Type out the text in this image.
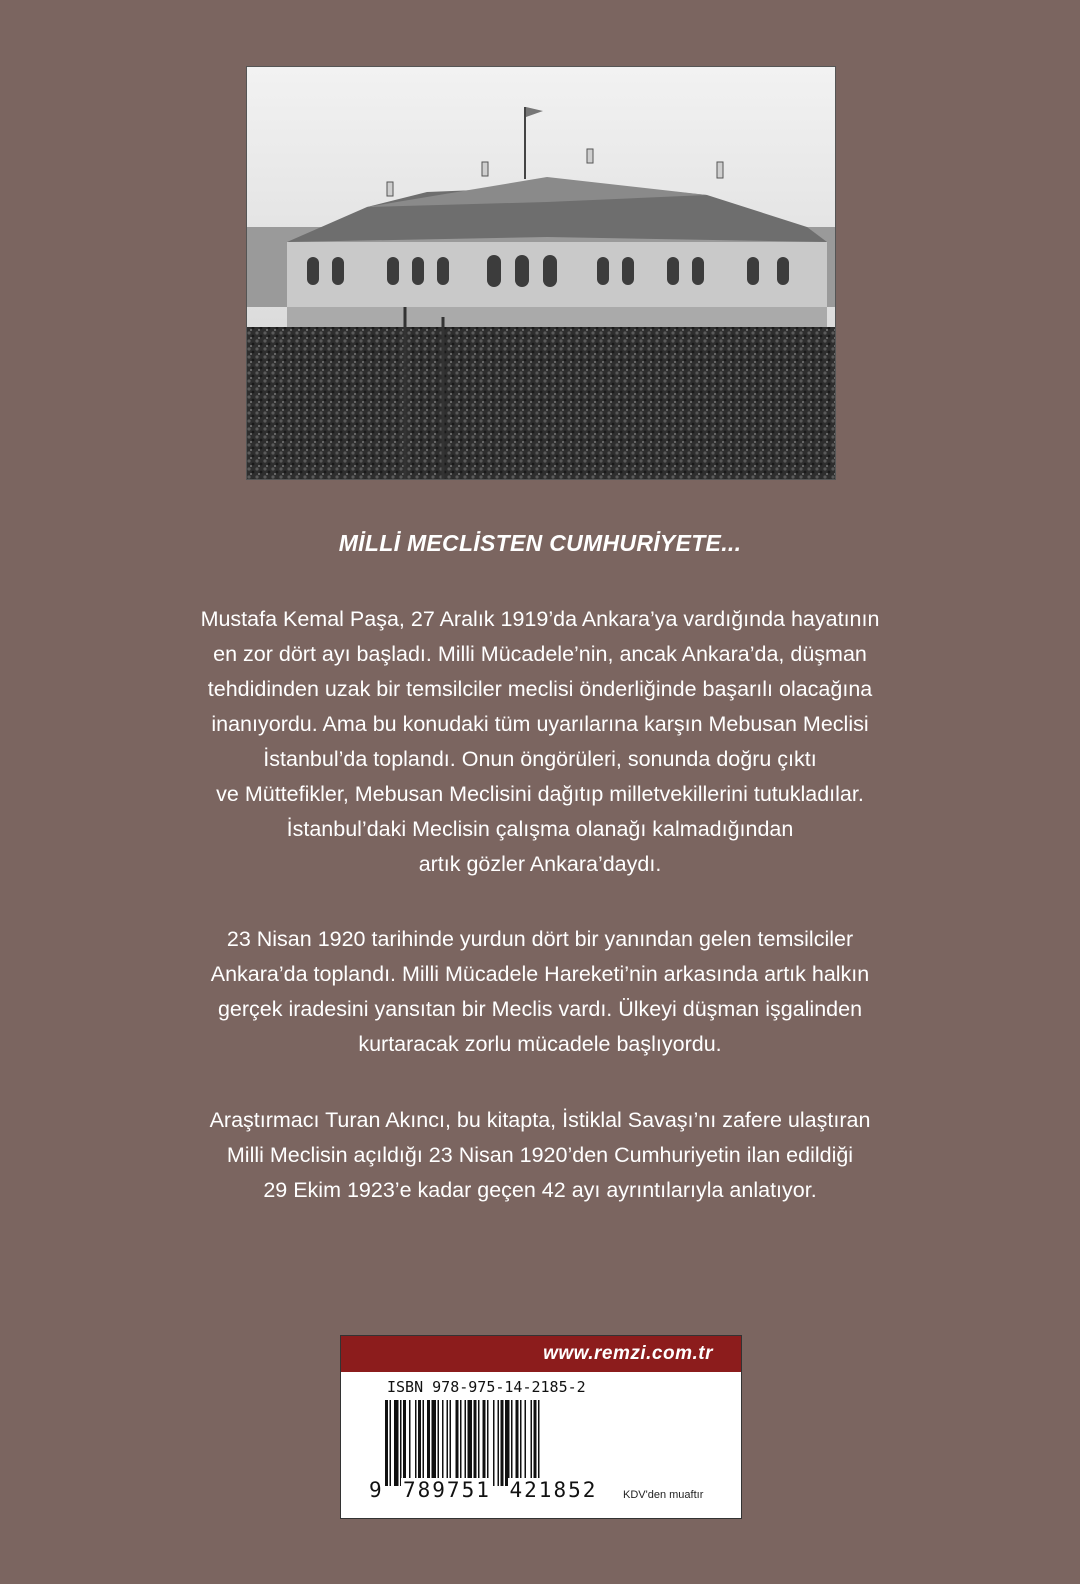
MİLLİ MECLİSTEN CUMHURİYETE...
Mustafa Kemal Paşa, 27 Aralık 1919’da Ankara’ya vardığında hayatının
en zor dört ayı başladı. Milli Mücadele’nin, ancak Ankara’da, düşman
tehdidinden uzak bir temsilciler meclisi önderliğinde başarılı olacağına
inanıyordu. Ama bu konudaki tüm uyarılarına karşın Mebusan Meclisi
İstanbul’da toplandı. Onun öngörüleri, sonunda doğru çıktı
ve Müttefikler, Mebusan Meclisini dağıtıp milletvekillerini tutukladılar.
İstanbul’daki Meclisin çalışma olanağı kalmadığından
artık gözler Ankara’daydı.
23 Nisan 1920 tarihinde yurdun dört bir yanından gelen temsilciler
Ankara’da toplandı. Milli Mücadele Hareketi’nin arkasında artık halkın
gerçek iradesini yansıtan bir Meclis vardı. Ülkeyi düşman işgalinden
kurtaracak zorlu mücadele başlıyordu.
Araştırmacı Turan Akıncı, bu kitapta, İstiklal Savaşı’nı zafere ulaştıran
Milli Meclisin açıldığı 23 Nisan 1920’den Cumhuriyetin ilan edildiği
29 Ekim 1923’e kadar geçen 42 ayı ayrıntılarıyla anlatıyor.
www.remzi.com.tr
ISBN 978-975-14-2185-2
9 789751 421852 KDV'den muaftır
